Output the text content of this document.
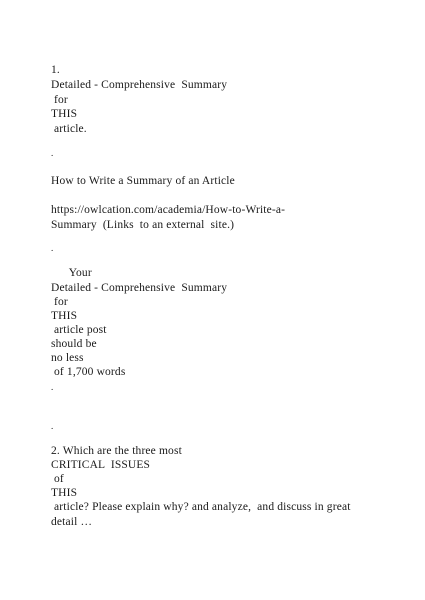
1.
Detailed - Comprehensive  Summary
for
THIS
article.
.
How to Write a Summary of an Article
https://owlcation.com/academia/How-to-Write-a-
Summary  (Links  to an external  site.)
.
Your
Detailed - Comprehensive  Summary
for
THIS
article post
should be
no less
of 1,700 words
.
.
2. Which are the three most
CRITICAL  ISSUES
of
THIS
article? Please explain why? and analyze,  and discuss in great
detail …
